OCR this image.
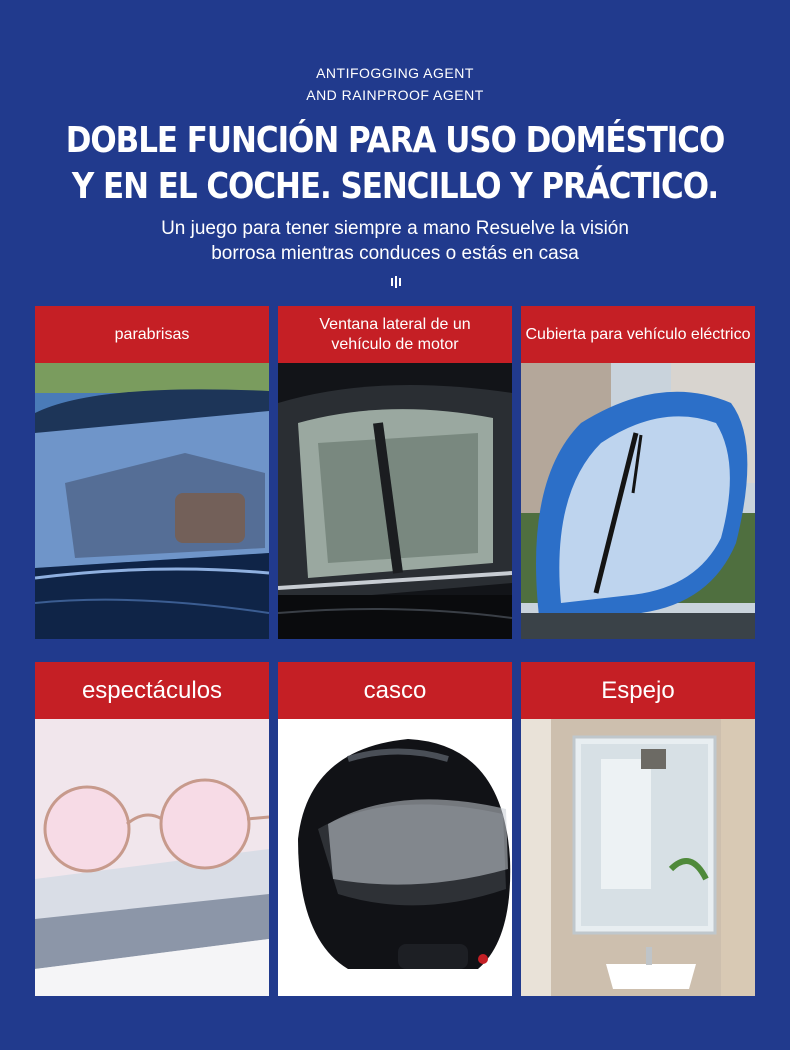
ANTIFOGGING AGENT
AND RAINPROOF AGENT
DOBLE FUNCIÓN PARA USO DOMÉSTICO
Y EN EL COCHE. SENCILLO Y PRÁCTICO.
Un juego para tener siempre a mano Resuelve la visión
borrosa mientras conduces o estás en casa
parabrisas
Ventana lateral de un
vehículo de motor
Cubierta para vehículo eléctrico
espectáculos	casco	Espejo
